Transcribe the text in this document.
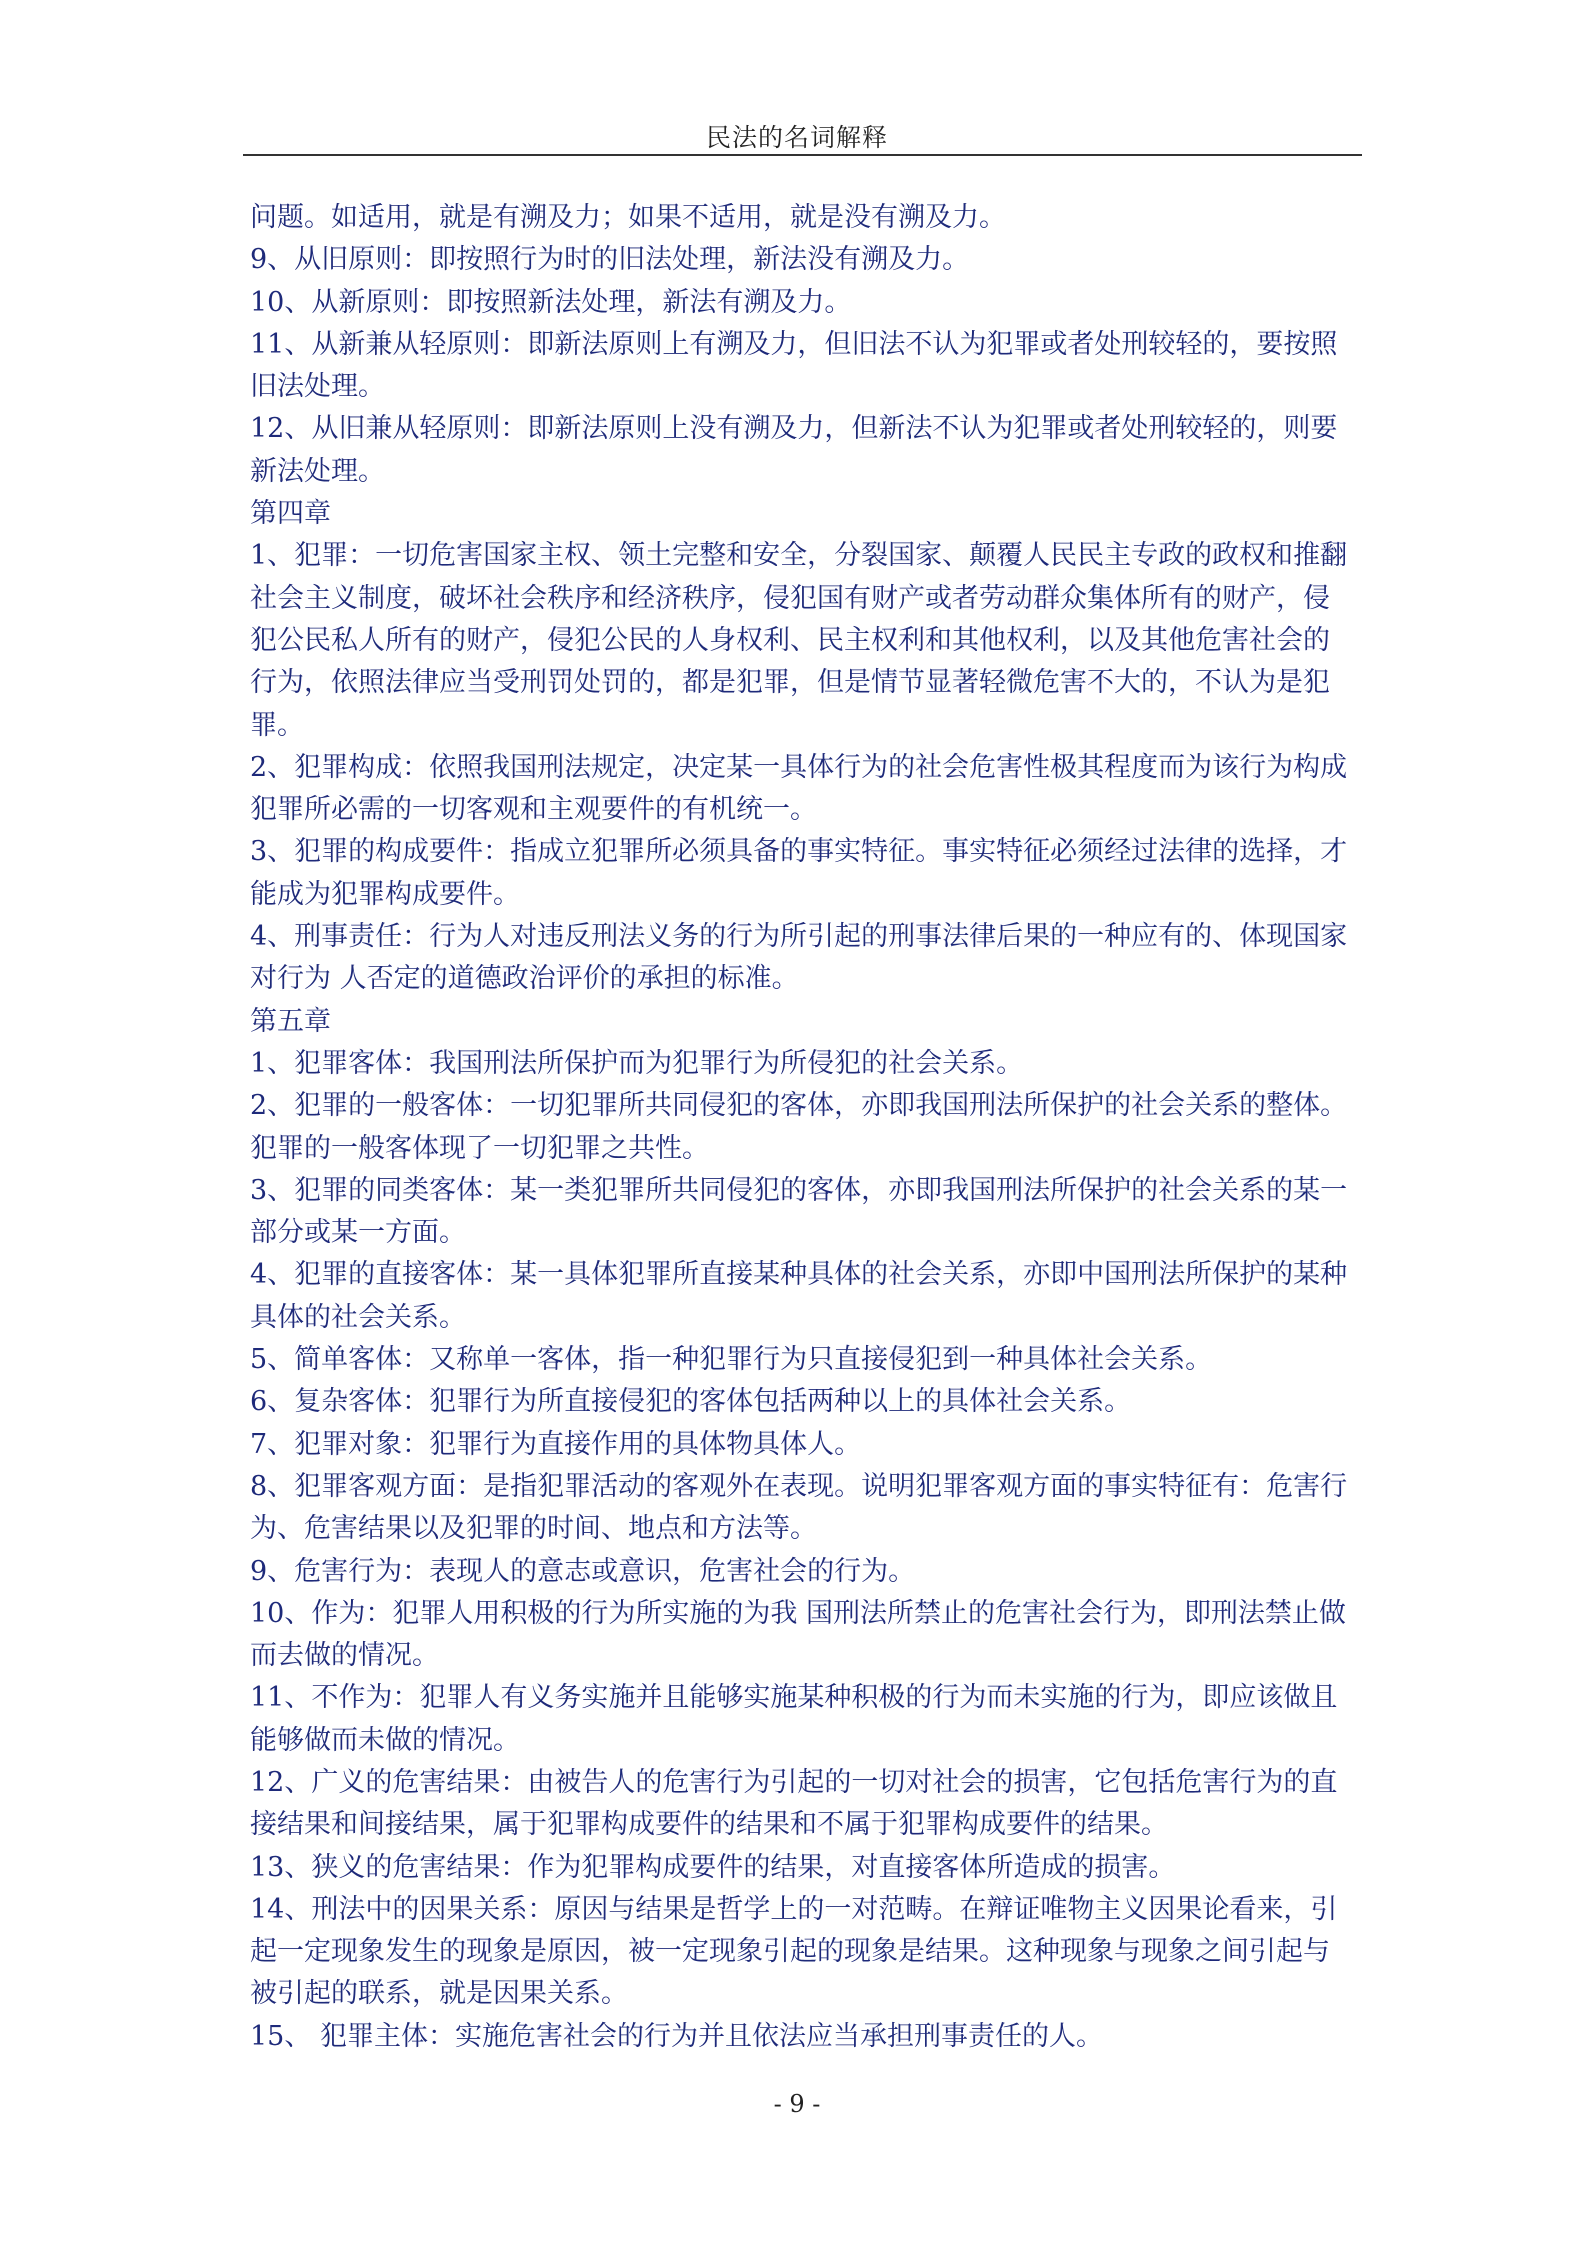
民法的名词解释

问题。如适用，就是有溯及力；如果不适用，就是没有溯及力。

9、从旧原则：即按照行为时的旧法处理，新法没有溯及力。

10、从新原则：即按照新法处理，新法有溯及力。

11、从新兼从轻原则：即新法原则上有溯及力，但旧法不认为犯罪或者处刑较轻的，要按照旧法处理。

12、从旧兼从轻原则：即新法原则上没有溯及力，但新法不认为犯罪或者处刑较轻的，则要新法处理。

第四章

1、犯罪：一切危害国家主权、领土完整和安全，分裂国家、颠覆人民民主专政的政权和推翻社会主义制度，破坏社会秩序和经济秩序，侵犯国有财产或者劳动群众集体所有的财产，侵犯公民私人所有的财产，侵犯公民的人身权利、民主权利和其他权利，以及其他危害社会的行为，依照法律应当受刑罚处罚的，都是犯罪，但是情节显著轻微危害不大的，不认为是犯罪。

2、犯罪构成：依照我国刑法规定，决定某一具体行为的社会危害性极其程度而为该行为构成犯罪所必需的一切客观和主观要件的有机统一。

3、犯罪的构成要件：指成立犯罪所必须具备的事实特征。事实特征必须经过法律的选择，才能成为犯罪构成要件。

4、刑事责任：行为人对违反刑法义务的行为所引起的刑事法律后果的一种应有的、体现国家对行为 人否定的道德政治评价的承担的标准。

第五章

1、犯罪客体：我国刑法所保护而为犯罪行为所侵犯的社会关系。

2、犯罪的一般客体：一切犯罪所共同侵犯的客体，亦即我国刑法所保护的社会关系的整体。犯罪的一般客体现了一切犯罪之共性。

3、犯罪的同类客体：某一类犯罪所共同侵犯的客体，亦即我国刑法所保护的社会关系的某一部分或某一方面。

4、犯罪的直接客体：某一具体犯罪所直接某种具体的社会关系，亦即中国刑法所保护的某种具体的社会关系。

5、简单客体：又称单一客体，指一种犯罪行为只直接侵犯到一种具体社会关系。

6、复杂客体：犯罪行为所直接侵犯的客体包括两种以上的具体社会关系。

7、犯罪对象：犯罪行为直接作用的具体物具体人。

8、犯罪客观方面：是指犯罪活动的客观外在表现。说明犯罪客观方面的事实特征有：危害行为、危害结果以及犯罪的时间、地点和方法等。

9、危害行为：表现人的意志或意识，危害社会的行为。

10、作为：犯罪人用积极的行为所实施的为我 国刑法所禁止的危害社会行为，即刑法禁止做而去做的情况。

11、不作为：犯罪人有义务实施并且能够实施某种积极的行为而未实施的行为，即应该做且能够做而未做的情况。

12、广义的危害结果：由被告人的危害行为引起的一切对社会的损害，它包括危害行为的直接结果和间接结果，属于犯罪构成要件的结果和不属于犯罪构成要件的结果。

13、狭义的危害结果：作为犯罪构成要件的结果，对直接客体所造成的损害。

14、刑法中的因果关系：原因与结果是哲学上的一对范畴。在辩证唯物主义因果论看来，引起一定现象发生的现象是原因，被一定现象引起的现象是结果。这种现象与现象之间引起与被引起的联系，就是因果关系。

15、 犯罪主体：实施危害社会的行为并且依法应当承担刑事责任的人。

- 9 -
